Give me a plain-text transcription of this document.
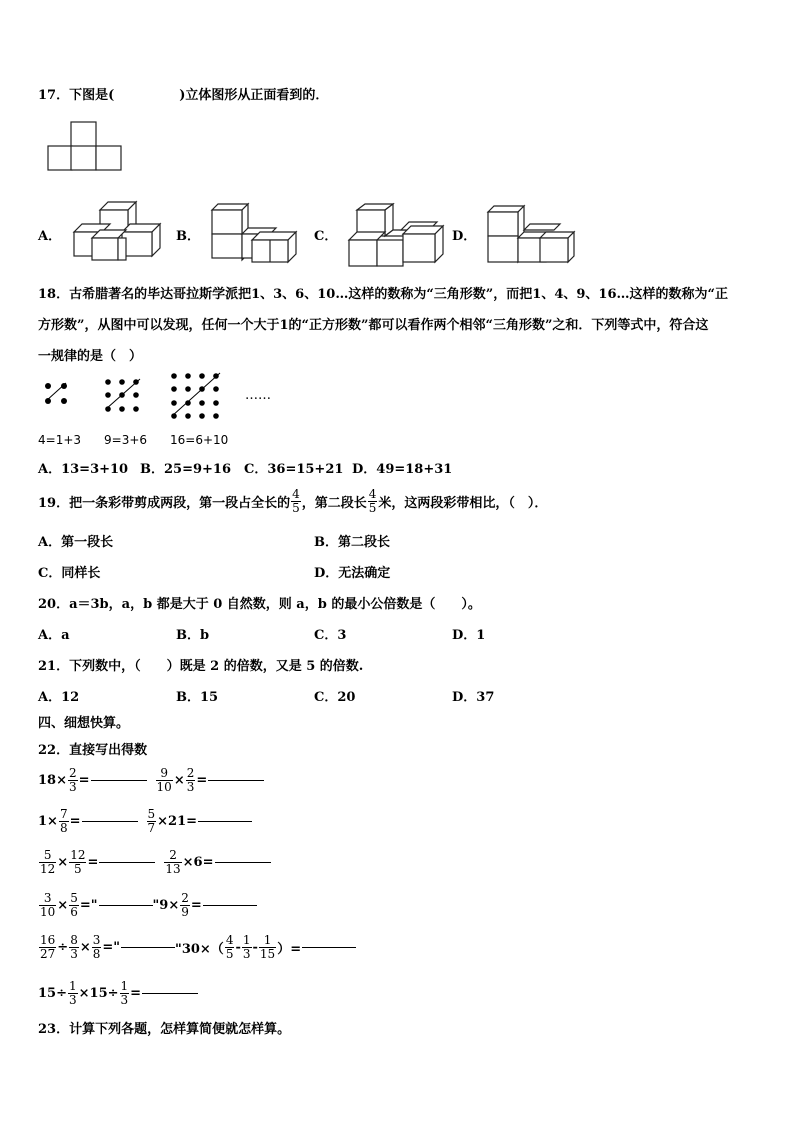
17．下图是(　　　　　)立体图形从正面看到的．
A．	B．	C．	D．
18．古希腊著名的毕达哥拉斯学派把1、3、6、10…这样的数称为“三角形数”，而把1、4、9、16…这样的数称为“正
方形数”，从图中可以发现，任何一个大于1的“正方形数”都可以看作两个相邻“三角形数”之和．下列等式中，符合这
一规律的是（　）
……
4=1+3 9=3+6 16=6+10
A．13=3+10 B．25=9+16 C．36=15+21 D．49=18+31
19．把一条彩带剪成两段，第一段占全长的 $\frac{4}{5}$ ，第二段长 $\frac{4}{5}$ 米，这两段彩带相比，（　）．
A．第一段长	B．第二段长
C．同样长	D．无法确定
20．a＝3b，a，b 都是大于 0 自然数，则 a，b 的最小公倍数是（　　）。
A．a	B．b	C．3	D．1
21．下列数中，（　　）既是 2 的倍数，又是 5 的倍数.
A．12	B．15	C．20	D．37
四、细想快算。
22．直接写出得数
$18\times \frac{2}{3}$ =	$\frac{9}{10} \times \frac{2}{3}$ =
$1\times \frac{7}{8}$ =	$\frac{5}{7} \times 21=$
$\frac{5}{12} \times \frac{12}{5}$ =	$\frac{2}{13} \times 6=$
$\frac{3}{10} \times \frac{5}{6}$ ="	"$9\times \frac{2}{9}$ =
$\frac{16}{27} \div \frac{8}{3} \times \frac{3}{8}$ ="	"$30\times( \frac{4}{5} - \frac{1}{3} - \frac{1}{15}$ ）=
$15\div \frac{1}{3} \times 15\div \frac{1}{3}$ =
23．计算下列各题，怎样算简便就怎样算。
